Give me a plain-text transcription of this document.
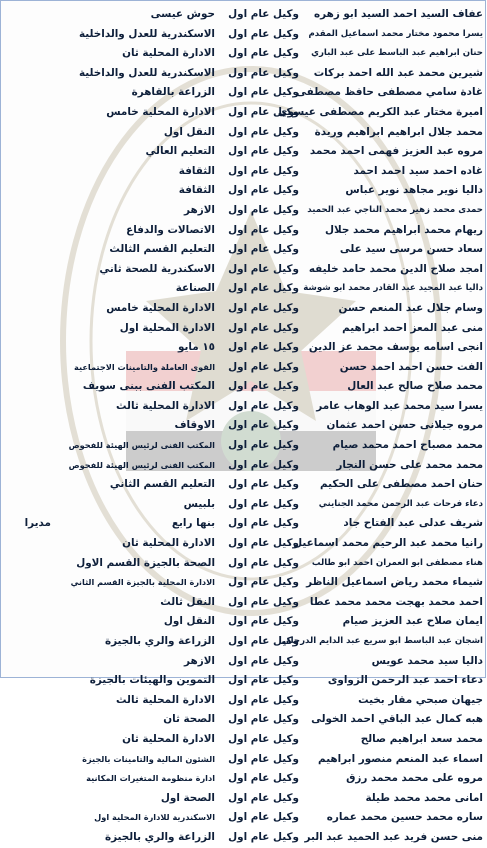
عفاف السيد احمد السيد ابو زهره
وكيل عام اول
حوش عيسى
يسرا محمود مختار محمد اسماعيل المقدم
وكيل عام اول
الاسكندرية للعدل والداخلية
حنان ابراهيم عبد الباسط على عبد الباري
وكيل عام اول
الادارة المحلية ثان
شيرين محمد عبد الله احمد بركات
وكيل عام اول
الاسكندرية للعدل والداخلية
غادة سامي مصطفى حافظ مصطفى
وكيل عام اول
الزراعة بالقاهرة
اميرة مختار عبد الكريم مصطفى عيسوى
وكيل عام اول
الادارة المحلية خامس
محمد جلال ابراهيم ابراهيم وريدة
وكيل عام اول
النقل اول
مروه عبد العزيز فهمى احمد محمد
وكيل عام اول
التعليم العالي
غاده احمد سيد احمد احمد
وكيل عام اول
الثقافة
داليا نوير مجاهد نوير عباس
وكيل عام اول
الثقافة
حمدى محمد زهير محمد الناجي عبد الحميد
وكيل عام اول
الازهر
ريهام محمد ابراهيم محمد جلال
وكيل عام اول
الاتصالات والدفاع
سعاد حسن مرسى سيد على
وكيل عام اول
التعليم القسم الثالث
امجد صلاح الدين محمد حامد خليفه
وكيل عام اول
الاسكندرية للصحة ثاني
داليا عبد المجيد عبد القادر محمد ابو شوشة
وكيل عام اول
الصناعة
وسام جلال عبد المنعم حسن
وكيل عام اول
الادارة المحلية خامس
منى عبد المعز احمد ابراهيم
وكيل عام اول
الادارة المحلية اول
انجى اسامه يوسف محمد عز الدين
وكيل عام اول
١٥ مايو
الفت حسن احمد احمد حسن
وكيل عام اول
القوى العاملة والتامينات الاجتماعية
محمد صلاح صالح عبد العال
وكيل عام اول
المكتب الفنى ببنى سويف
يسرا سيد محمد عبد الوهاب عامر
وكيل عام اول
الادارة المحلية ثالث
مروه جيلانى حسن احمد عثمان
وكيل عام اول
الاوقاف
محمد مصباح احمد محمد صيام
وكيل عام اول
المكتب الفنى لرئيس الهيئة للفحوص
محمد محمد على حسن النجار
وكيل عام اول
المكتب الفنى لرئيس الهيئة للفحوص
حنان احمد مصطفى على الحكيم
وكيل عام اول
التعليم القسم الثاني
دعاء فرحات عبد الرحمن محمد الجنايني
وكيل عام اول
بلبيس
شريف عدلى عبد الفتاح جاد
وكيل عام اول
بنها رابع
مديرا
رانيا محمد عبد الرحيم محمد اسماعيل
وكيل عام اول
الادارة المحلية ثان
هناء مصطفى ابو العمران احمد ابو طالب
وكيل عام اول
الصحة بالجيزة القسم الاول
شيماء محمد رياض اسماعيل الناظر
وكيل عام اول
الادارة المحلية بالجيزة القسم الثاني
احمد محمد بهجت محمد محمد عطا
وكيل عام اول
النقل ثالث
ايمان صلاح عبد العزيز صيام
وكيل عام اول
النقل اول
اشجان عبد الباسط ابو سريع عبد الدايم الدرجلي
وكيل عام اول
الزراعة والري بالجيزة
داليا سيد محمد عويس
وكيل عام اول
الازهر
دعاء احمد عبد الرحمن الزواوى
وكيل عام اول
التموين والهيئات بالجيزة
جيهان صبحي مقار بخيت
وكيل عام اول
الادارة المحلية ثالث
هبه كمال عبد الباقي احمد الخولى
وكيل عام اول
الصحة ثان
محمد سعد ابراهيم صالح
وكيل عام اول
الادارة المحلية ثان
اسماء عبد المنعم منصور ابراهيم
وكيل عام اول
الشئون المالية والتامينات بالجيزة
مروه على محمد محمد رزق
وكيل عام اول
ادارة منظومة المتغيرات المكانية
امانى محمد محمد طيلة
وكيل عام اول
الصحة اول
ساره محمد حسين محمد عماره
وكيل عام اول
الاسكندرية للادارة المحلية اول
منى حسن فريد عبد الحميد عبد البر
وكيل عام اول
الزراعة والري بالجيزة
